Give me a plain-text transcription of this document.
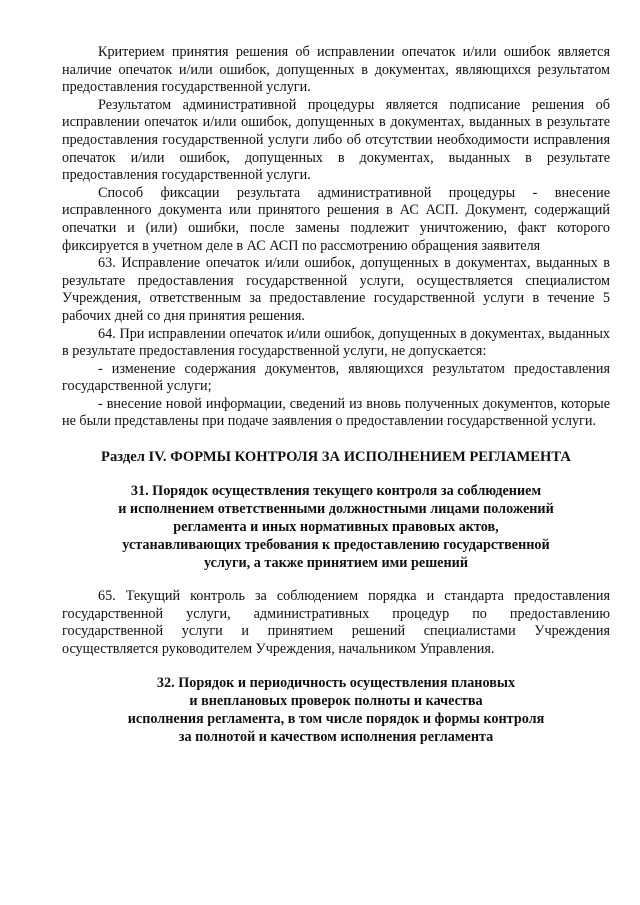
Критерием принятия решения об исправлении опечаток и/или ошибок является наличие опечаток и/или ошибок, допущенных в документах, являющихся результатом предоставления государственной услуги.

Результатом административной процедуры является подписание решения об исправлении опечаток и/или ошибок, допущенных в документах, выданных в результате предоставления государственной услуги либо об отсутствии необходимости исправления опечаток и/или ошибок, допущенных в документах, выданных в результате предоставления государственной услуги.

Способ фиксации результата административной процедуры - внесение исправленного документа или принятого решения в АС АСП. Документ, содержащий опечатки и (или) ошибки, после замены подлежит уничтожению, факт которого фиксируется в учетном деле в АС АСП по рассмотрению обращения заявителя

63. Исправление опечаток и/или ошибок, допущенных в документах, выданных в результате предоставления государственной услуги, осуществляется специалистом Учреждения, ответственным за предоставление государственной услуги в течение 5 рабочих дней со дня принятия решения.

64. При исправлении опечаток и/или ошибок, допущенных в документах, выданных в результате предоставления государственной услуги, не допускается:

- изменение содержания документов, являющихся результатом предоставления государственной услуги;

- внесение новой информации, сведений из вновь полученных документов, которые не были представлены при подаче заявления о предоставлении государственной услуги.

Раздел IV. ФОРМЫ КОНТРОЛЯ ЗА ИСПОЛНЕНИЕМ РЕГЛАМЕНТА
31. Порядок осуществления текущего контроля за соблюдением
и исполнением ответственными должностными лицами положений
регламента и иных нормативных правовых актов,
устанавливающих требования к предоставлению государственной
услуги, а также принятием ими решений

65. Текущий контроль за соблюдением порядка и стандарта предоставления государственной услуги, административных процедур по предоставлению государственной услуги и принятием решений специалистами Учреждения осуществляется руководителем Учреждения, начальником Управления.

32. Порядок и периодичность осуществления плановых
и внеплановых проверок полноты и качества
исполнения регламента, в том числе порядок и формы контроля
за полнотой и качеством исполнения регламента
